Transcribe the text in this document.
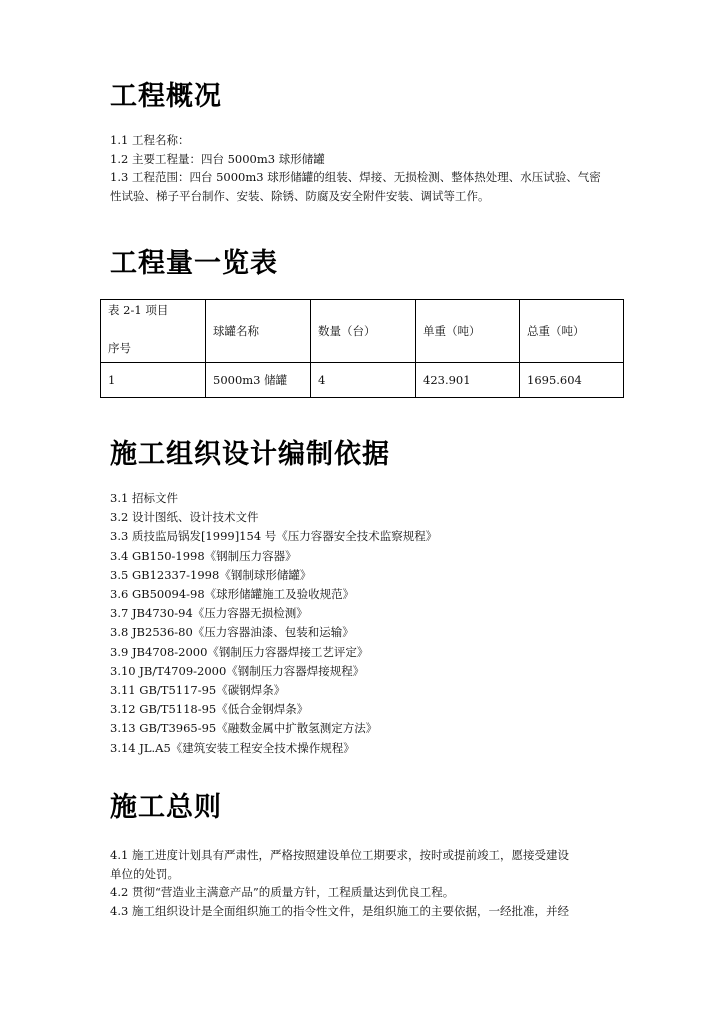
工程概况
1.1 工程名称：
1.2 主要工程量：四台 5000m3 球形储罐
1.3 工程范围：四台 5000m3 球形储罐的组装、焊接、无损检测、整体热处理、水压试验、气密
性试验、梯子平台制作、安装、除锈、防腐及安全附件安装、调试等工作。
工程量一览表
表 2-1 项目
序号	球罐名称	数量（台）	单重（吨）	总重（吨）
1	5000m3 储罐	4	423.901	1695.604
施工组织设计编制依据
3.1 招标文件
3.2 设计图纸、设计技术文件
3.3 质技监局锅发[1999]154 号《压力容器安全技术监察规程》
3.4 GB150-1998《钢制压力容器》
3.5 GB12337-1998《钢制球形储罐》
3.6 GB50094-98《球形储罐施工及验收规范》
3.7 JB4730-94《压力容器无损检测》
3.8 JB2536-80《压力容器油漆、包装和运输》
3.9 JB4708-2000《钢制压力容器焊接工艺评定》
3.10 JB/T4709-2000《钢制压力容器焊接规程》
3.11 GB/T5117-95《碳钢焊条》
3.12 GB/T5118-95《低合金钢焊条》
3.13 GB/T3965-95《融数金属中扩散氢测定方法》
3.14 JL.A5《建筑安装工程安全技术操作规程》
施工总则
4.1 施工进度计划具有严肃性，严格按照建设单位工期要求，按时或提前竣工，愿接受建设
单位的处罚。
4.2 贯彻“营造业主满意产品”的质量方针，工程质量达到优良工程。
4.3 施工组织设计是全面组织施工的指令性文件，是组织施工的主要依据，一经批准，并经
